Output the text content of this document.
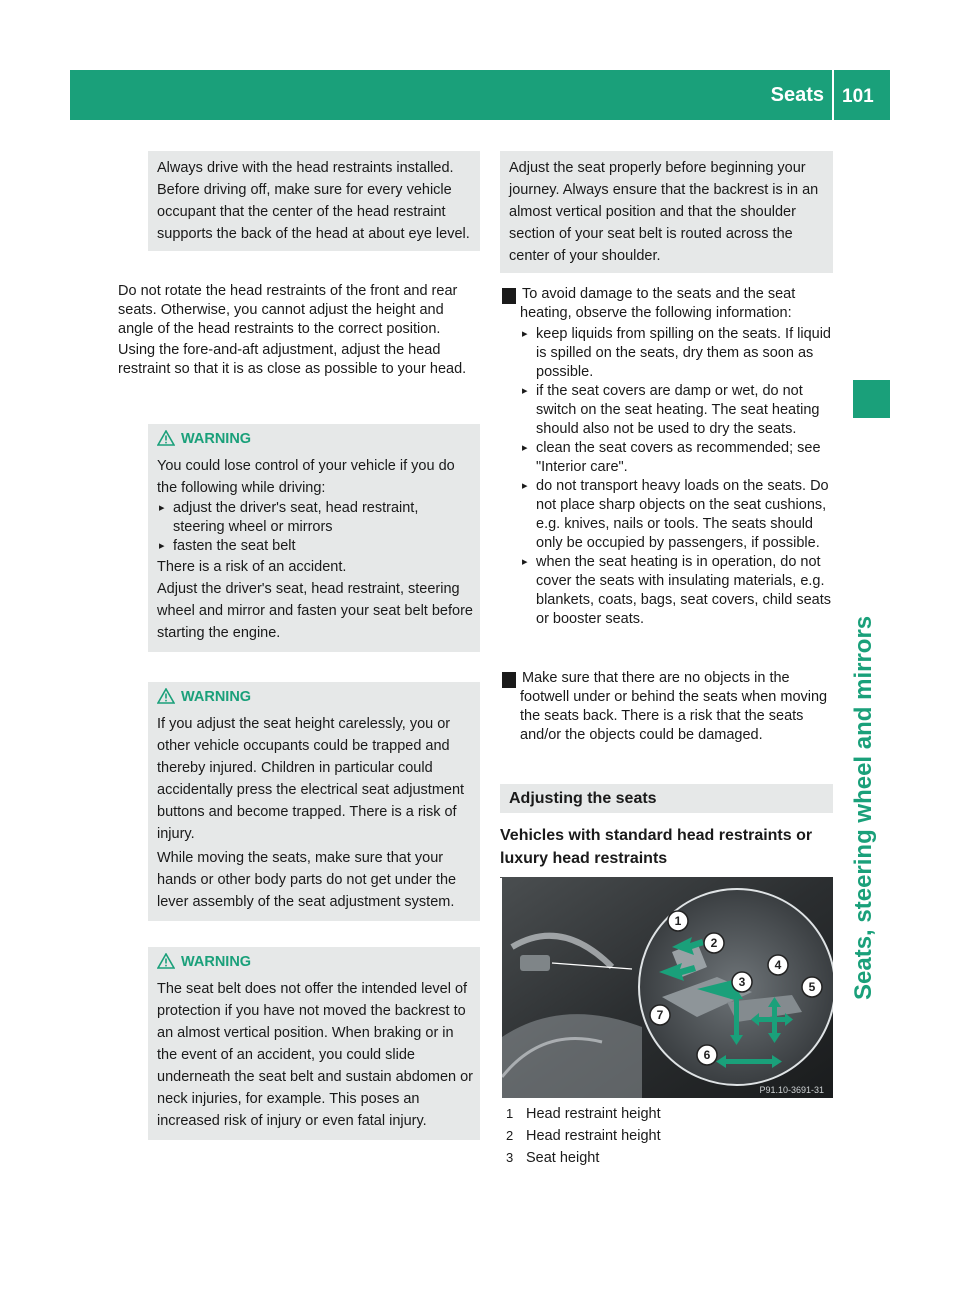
Seats 101
Seats, steering wheel and mirrors

Always drive with the head restraints installed. Before driving off, make sure for every vehicle occupant that the center of the head restraint supports the back of the head at about eye level.

Do not rotate the head restraints of the front and rear seats. Otherwise, you cannot adjust the height and angle of the head restraints to the correct position.

Using the fore-and-aft adjustment, adjust the head restraint so that it is as close as possible to your head.

WARNING

You could lose control of your vehicle if you do the following while driving:

▸ adjust the driver's seat, head restraint, steering wheel or mirrors
▸ fasten the seat belt

There is a risk of an accident.

Adjust the driver's seat, head restraint, steering wheel and mirror and fasten your seat belt before starting the engine.

WARNING

If you adjust the seat height carelessly, you or other vehicle occupants could be trapped and thereby injured. Children in particular could accidentally press the electrical seat adjustment buttons and become trapped. There is a risk of injury.

While moving the seats, make sure that your hands or other body parts do not get under the lever assembly of the seat adjustment system.

WARNING

The seat belt does not offer the intended level of protection if you have not moved the backrest to an almost vertical position. When braking or in the event of an accident, you could slide underneath the seat belt and sustain abdomen or neck injuries, for example. This poses an increased risk of injury or even fatal injury.

Adjust the seat properly before beginning your journey. Always ensure that the backrest is in an almost vertical position and that the shoulder section of your seat belt is routed across the center of your shoulder.

! To avoid damage to the seats and the seat heating, observe the following information:
▸ keep liquids from spilling on the seats. If liquid is spilled on the seats, dry them as soon as possible.
▸ if the seat covers are damp or wet, do not switch on the seat heating. The seat heating should also not be used to dry the seats.
▸ clean the seat covers as recommended; see "Interior care".
▸ do not transport heavy loads on the seats. Do not place sharp objects on the seat cushions, e.g. knives, nails or tools. The seats should only be occupied by passengers, if possible.
▸ when the seat heating is in operation, do not cover the seats with insulating materials, e.g. blankets, coats, bags, seat covers, child seats or booster seats.
! Make sure that there are no objects in the footwell under or behind the seats when moving the seats back. There is a risk that the seats and/or the objects could be damaged.
Adjusting the seats
Vehicles with standard head restraints or luxury head restraints
1
2
3
4
5
6
7
P91.10-3691-31
1 Head restraint height
2 Head restraint height
3 Seat height
